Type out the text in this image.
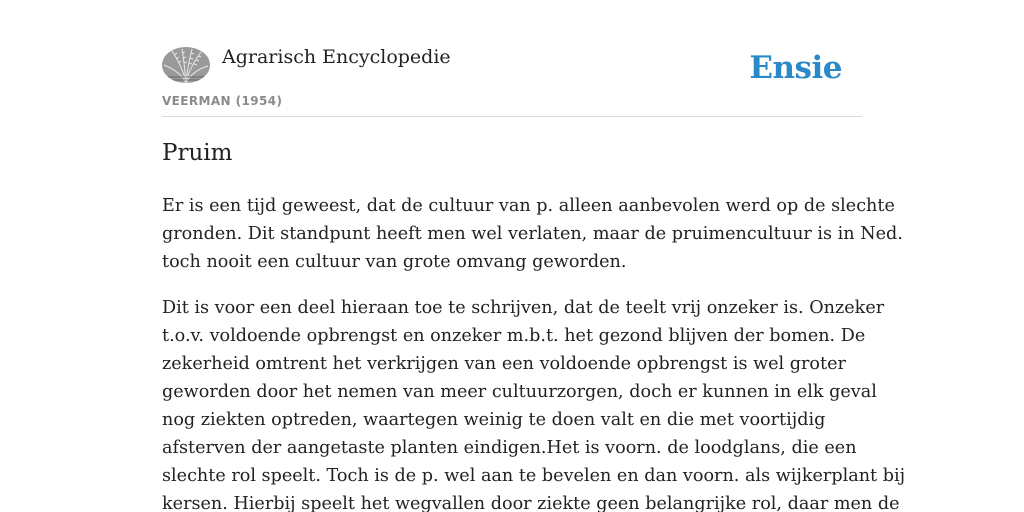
Agrarisch Encyclopedie
VEERMAN (1954)
Ensie
Pruim

Er is een tijd geweest, dat de cultuur van p. alleen aanbevolen werd op de slechte
gronden. Dit standpunt heeft men wel verlaten, maar de pruimencultuur is in Ned.
toch nooit een cultuur van grote omvang geworden.

Dit is voor een deel hieraan toe te schrijven, dat de teelt vrij onzeker is. Onzeker
t.o.v. voldoende opbrengst en onzeker m.b.t. het gezond blijven der bomen. De
zekerheid omtrent het verkrijgen van een voldoende opbrengst is wel groter
geworden door het nemen van meer cultuurzorgen, doch er kunnen in elk geval
nog ziekten optreden, waartegen weinig te doen valt en die met voortijdig
afsterven der aangetaste planten eindigen.Het is voorn. de loodglans, die een
slechte rol speelt. Toch is de p. wel aan te bevelen en dan voorn. als wijkerplant bij
kersen. Hierbij speelt het wegvallen door ziekte geen belangrijke rol, daar men de
